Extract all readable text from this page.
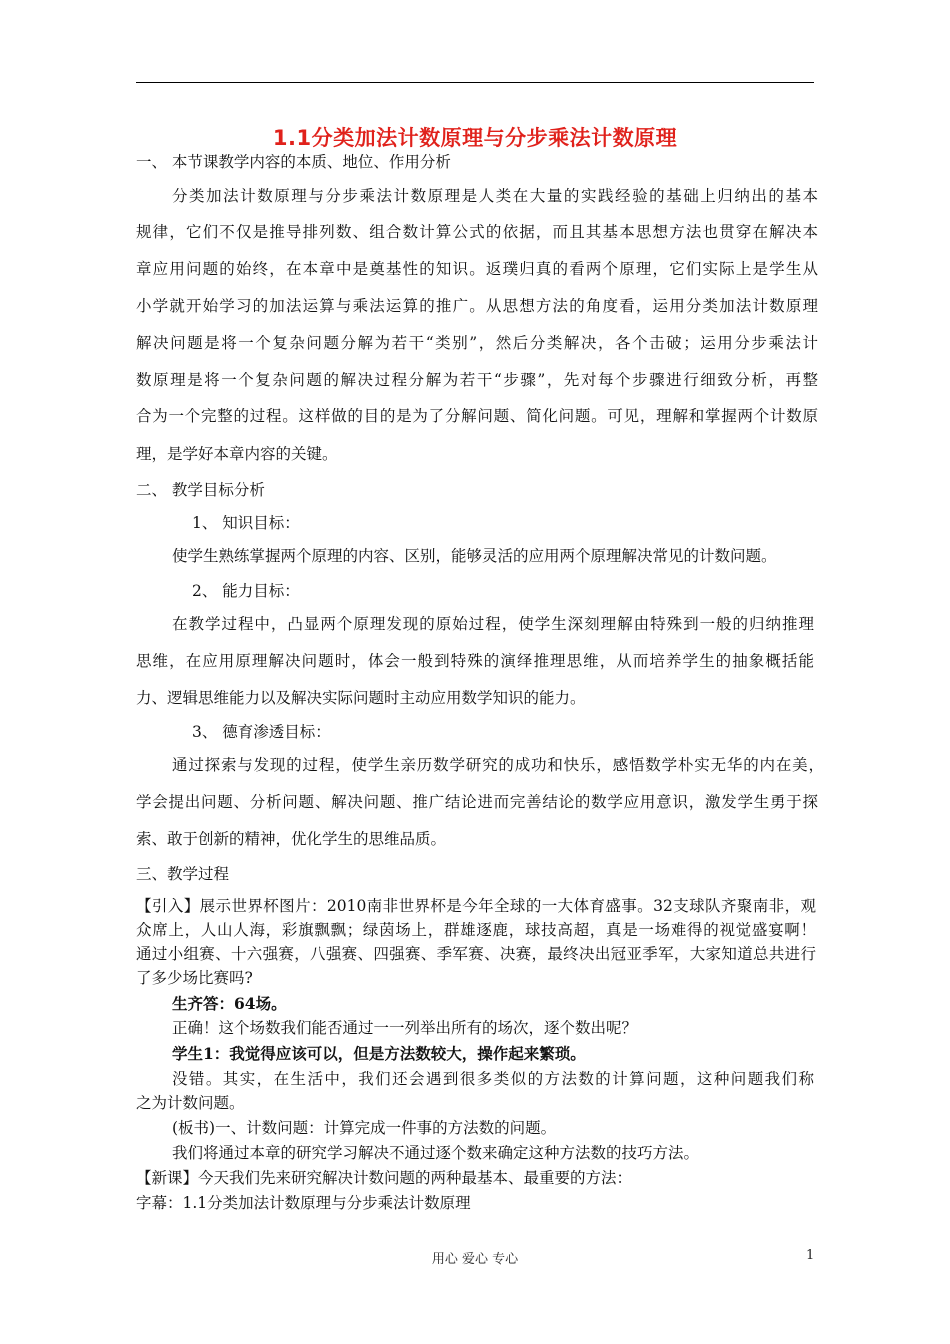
1.1分类加法计数原理与分步乘法计数原理
一、 本节课教学内容的本质、地位、作用分析
分类加法计数原理与分步乘法计数原理是人类在大量的实践经验的基础上归纳出的基本
规律，它们不仅是推导排列数、组合数计算公式的依据，而且其基本思想方法也贯穿在解决本
章应用问题的始终，在本章中是奠基性的知识。返璞归真的看两个原理，它们实际上是学生从
小学就开始学习的加法运算与乘法运算的推广。从思想方法的角度看，运用分类加法计数原理
解决问题是将一个复杂问题分解为若干“类别”，然后分类解决，各个击破；运用分步乘法计
数原理是将一个复杂问题的解决过程分解为若干“步骤”，先对每个步骤进行细致分析，再整
合为一个完整的过程。这样做的目的是为了分解问题、简化问题。可见，理解和掌握两个计数原
理，是学好本章内容的关键。
二、 教学目标分析
1、 知识目标：
使学生熟练掌握两个原理的内容、区别，能够灵活的应用两个原理解决常见的计数问题。
2、 能力目标：
在教学过程中，凸显两个原理发现的原始过程，使学生深刻理解由特殊到一般的归纳推理
思维，在应用原理解决问题时，体会一般到特殊的演绎推理思维，从而培养学生的抽象概括能
力、逻辑思维能力以及解决实际问题时主动应用数学知识的能力。
3、 德育渗透目标：
通过探索与发现的过程，使学生亲历数学研究的成功和快乐，感悟数学朴实无华的内在美，
学会提出问题、分析问题、解决问题、推广结论进而完善结论的数学应用意识，激发学生勇于探
索、敢于创新的精神，优化学生的思维品质。
三、教学过程
【引入】展示世界杯图片：2010南非世界杯是今年全球的一大体育盛事。32支球队齐聚南非，观
众席上，人山人海，彩旗飘飘；绿茵场上，群雄逐鹿，球技高超，真是一场难得的视觉盛宴啊！
通过小组赛、十六强赛，八强赛、四强赛、季军赛、决赛，最终决出冠亚季军，大家知道总共进行
了多少场比赛吗?
生齐答：64场。
正确！这个场数我们能否通过一一列举出所有的场次，逐个数出呢？
学生1：我觉得应该可以，但是方法数较大，操作起来繁琐。
没错。其实，在生活中，我们还会遇到很多类似的方法数的计算问题，这种问题我们称
之为计数问题。
(板书)一、计数问题：计算完成一件事的方法数的问题。
我们将通过本章的研究学习解决不通过逐个数来确定这种方法数的技巧方法。
【新课】今天我们先来研究解决计数问题的两种最基本、最重要的方法：
字幕：1.1分类加法计数原理与分步乘法计数原理
用心 爱心 专心	1
